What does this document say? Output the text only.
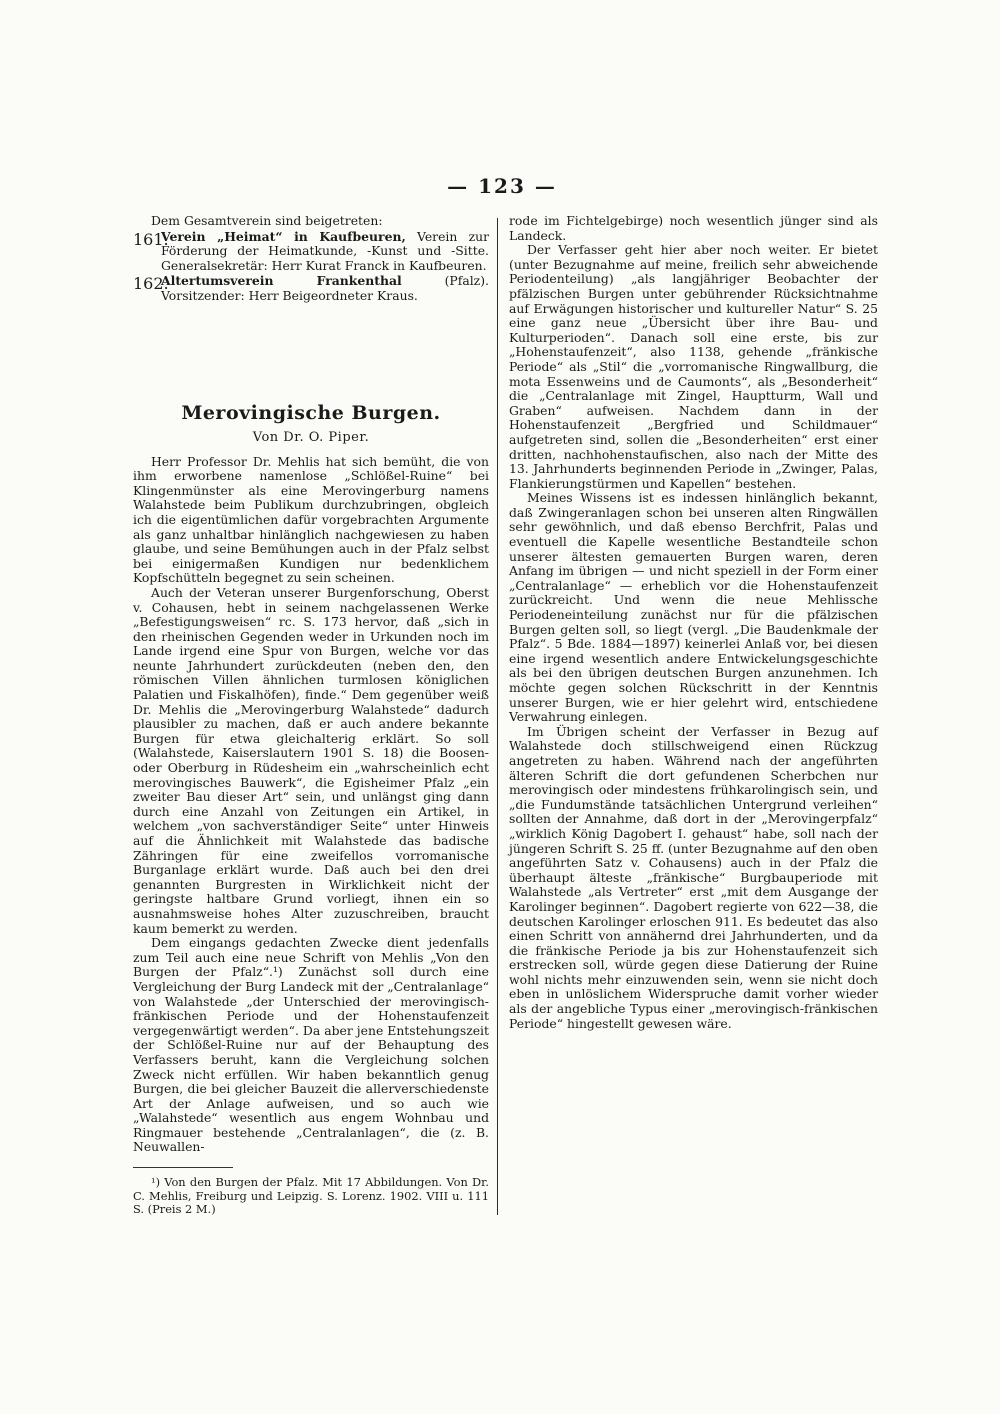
— 123 —

Dem Gesamtverein sind beigetreten:

161.

Verein „Heimat“ in Kaufbeuren, Verein zur Förderung der Heimatkunde, -Kunst und -Sitte. Generalsekretär: Herr Kurat Franck in Kaufbeuren.

162.

Altertumsverein Frankenthal	(Pfalz). Vorsitzender: Herr Beigeordneter Kraus.

Merovingische Burgen.
Von Dr. O. Piper.

Herr Professor Dr. Mehlis hat sich bemüht, die von ihm erworbene namenlose „Schlößel-Ruine“ bei Klingenmünster als eine Merovingerburg namens Walahstede beim Publikum durchzubringen, obgleich ich die eigentümlichen dafür vorgebrachten Argumente als ganz unhaltbar hinlänglich nachgewiesen zu haben glaube, und seine Bemühungen auch in der Pfalz selbst bei einigermaßen Kundigen nur bedenklichem Kopfschütteln begegnet zu sein scheinen.

Auch der Veteran unserer Burgenforschung, Oberst v. Cohausen, hebt in seinem nachgelassenen Werke „Befestigungsweisen“ rc. S. 173 hervor, daß „sich in den rheinischen Gegenden weder in Urkunden noch im Lande irgend eine Spur von Burgen, welche vor das neunte Jahrhundert zurückdeuten (neben den, den römischen Villen ähnlichen turmlosen königlichen Palatien und Fiskalhöfen), finde.“ Dem gegenüber weiß Dr. Mehlis die „Merovingerburg Walahstede“ dadurch plausibler zu machen, daß er auch andere bekannte Burgen für etwa gleichalterig erklärt. So soll (Walahstede, Kaiserslautern 1901 S. 18) die Boosen- oder Oberburg in Rüdesheim ein „wahrscheinlich echt merovingisches Bauwerk“, die Egisheimer Pfalz „ein zweiter Bau dieser Art“ sein, und unlängst ging dann durch eine Anzahl von Zeitungen ein Artikel, in welchem „von sachverständiger Seite“ unter Hinweis auf die Ähnlichkeit mit Walahstede das badische Zähringen für eine zweifellos vorromanische Burganlage erklärt wurde. Daß auch bei den drei genannten Burgresten in Wirklichkeit nicht der geringste haltbare Grund vorliegt, ihnen ein so ausnahmsweise hohes Alter zuzuschreiben, braucht kaum bemerkt zu werden.

Dem eingangs gedachten Zwecke dient jedenfalls zum Teil auch eine neue Schrift von Mehlis „Von den Burgen der Pfalz“.¹) Zunächst soll durch eine Vergleichung der Burg Landeck mit der „Centralanlage“ von Walahstede „der Unterschied der merovingisch-fränkischen Periode und der Hohenstaufenzeit vergegenwärtigt werden“. Da aber jene Entstehungszeit der Schlößel-Ruine nur auf der Behauptung des Verfassers beruht, kann die Vergleichung solchen Zweck nicht erfüllen. Wir haben bekanntlich genug Burgen, die bei gleicher Bauzeit die allerverschiedenste Art der Anlage aufweisen, und so auch wie „Walahstede“ wesentlich aus engem Wohnbau und Ringmauer bestehende „Centralanlagen“, die (z. B. Neuwallen-

¹) Von den Burgen der Pfalz. Mit 17 Abbildungen. Von Dr. C. Mehlis, Freiburg und Leipzig. S. Lorenz. 1902. VIII u. 111 S. (Preis 2 M.)

rode im Fichtelgebirge) noch wesentlich jünger sind als Landeck.

Der Verfasser geht hier aber noch weiter. Er bietet (unter Bezugnahme auf meine, freilich sehr abweichende Periodenteilung) „als langjähriger Beobachter der pfälzischen Burgen unter gebührender Rücksichtnahme auf Erwägungen historischer und kultureller Natur“ S. 25 eine ganz neue „Übersicht über ihre Bau- und Kulturperioden“. Danach soll eine erste, bis zur „Hohenstaufenzeit“, also 1138, gehende „fränkische Periode“ als „Stil“ die „vorromanische Ringwallburg, die mota Essenweins und de Caumonts“, als „Besonderheit“ die „Centralanlage mit Zingel, Hauptturm, Wall und Graben“ aufweisen. Nachdem dann in der Hohenstaufenzeit „Bergfried und Schildmauer“ aufgetreten sind, sollen die „Besonderheiten“ erst einer dritten, nachhohenstaufischen, also nach der Mitte des 13. Jahrhunderts beginnenden Periode in „Zwinger, Palas, Flankierungstürmen und Kapellen“ bestehen.

Meines Wissens ist es indessen hinlänglich bekannt, daß Zwingeranlagen schon bei unseren alten Ringwällen sehr gewöhnlich, und daß ebenso Berchfrit, Palas und eventuell die Kapelle wesentliche Bestandteile schon unserer ältesten gemauerten Burgen waren, deren Anfang im übrigen — und nicht speziell in der Form einer „Centralanlage“ — erheblich vor die Hohenstaufenzeit zurückreicht. Und wenn die neue Mehlissche Periodeneinteilung zunächst nur für die pfälzischen Burgen gelten soll, so liegt (vergl. „Die Baudenkmale der Pfalz“. 5 Bde. 1884—1897) keinerlei Anlaß vor, bei diesen eine irgend wesentlich andere Entwickelungsgeschichte als bei den übrigen deutschen Burgen anzunehmen. Ich möchte gegen solchen Rückschritt in der Kenntnis unserer Burgen, wie er hier gelehrt wird, entschiedene Verwahrung einlegen.

Im Übrigen scheint der Verfasser in Bezug auf Walahstede doch stillschweigend einen Rückzug angetreten zu haben. Während nach der angeführten älteren Schrift die dort gefundenen Scherbchen nur merovingisch oder mindestens frühkarolingisch sein, und „die Fundumstände tatsächlichen Untergrund verleihen“ sollten der Annahme, daß dort in der „Merovingerpfalz“ „wirklich König Dagobert I. gehaust“ habe, soll nach der jüngeren Schrift S. 25 ff. (unter Bezugnahme auf den oben angeführten Satz v. Cohausens) auch in der Pfalz die überhaupt älteste „fränkische“ Burgbauperiode mit Walahstede „als Vertreter“ erst „mit dem Ausgange der Karolinger beginnen“. Dagobert regierte von 622—38, die deutschen Karolinger erloschen 911. Es bedeutet das also einen Schritt von annähernd drei Jahrhunderten, und da die fränkische Periode ja bis zur Hohenstaufenzeit sich erstrecken soll, würde gegen diese Datierung der Ruine wohl nichts mehr einzuwenden sein, wenn sie nicht doch eben in unlöslichem Widerspruche damit vorher wieder als der angebliche Typus einer „merovingisch-fränkischen Periode“ hingestellt gewesen wäre.
